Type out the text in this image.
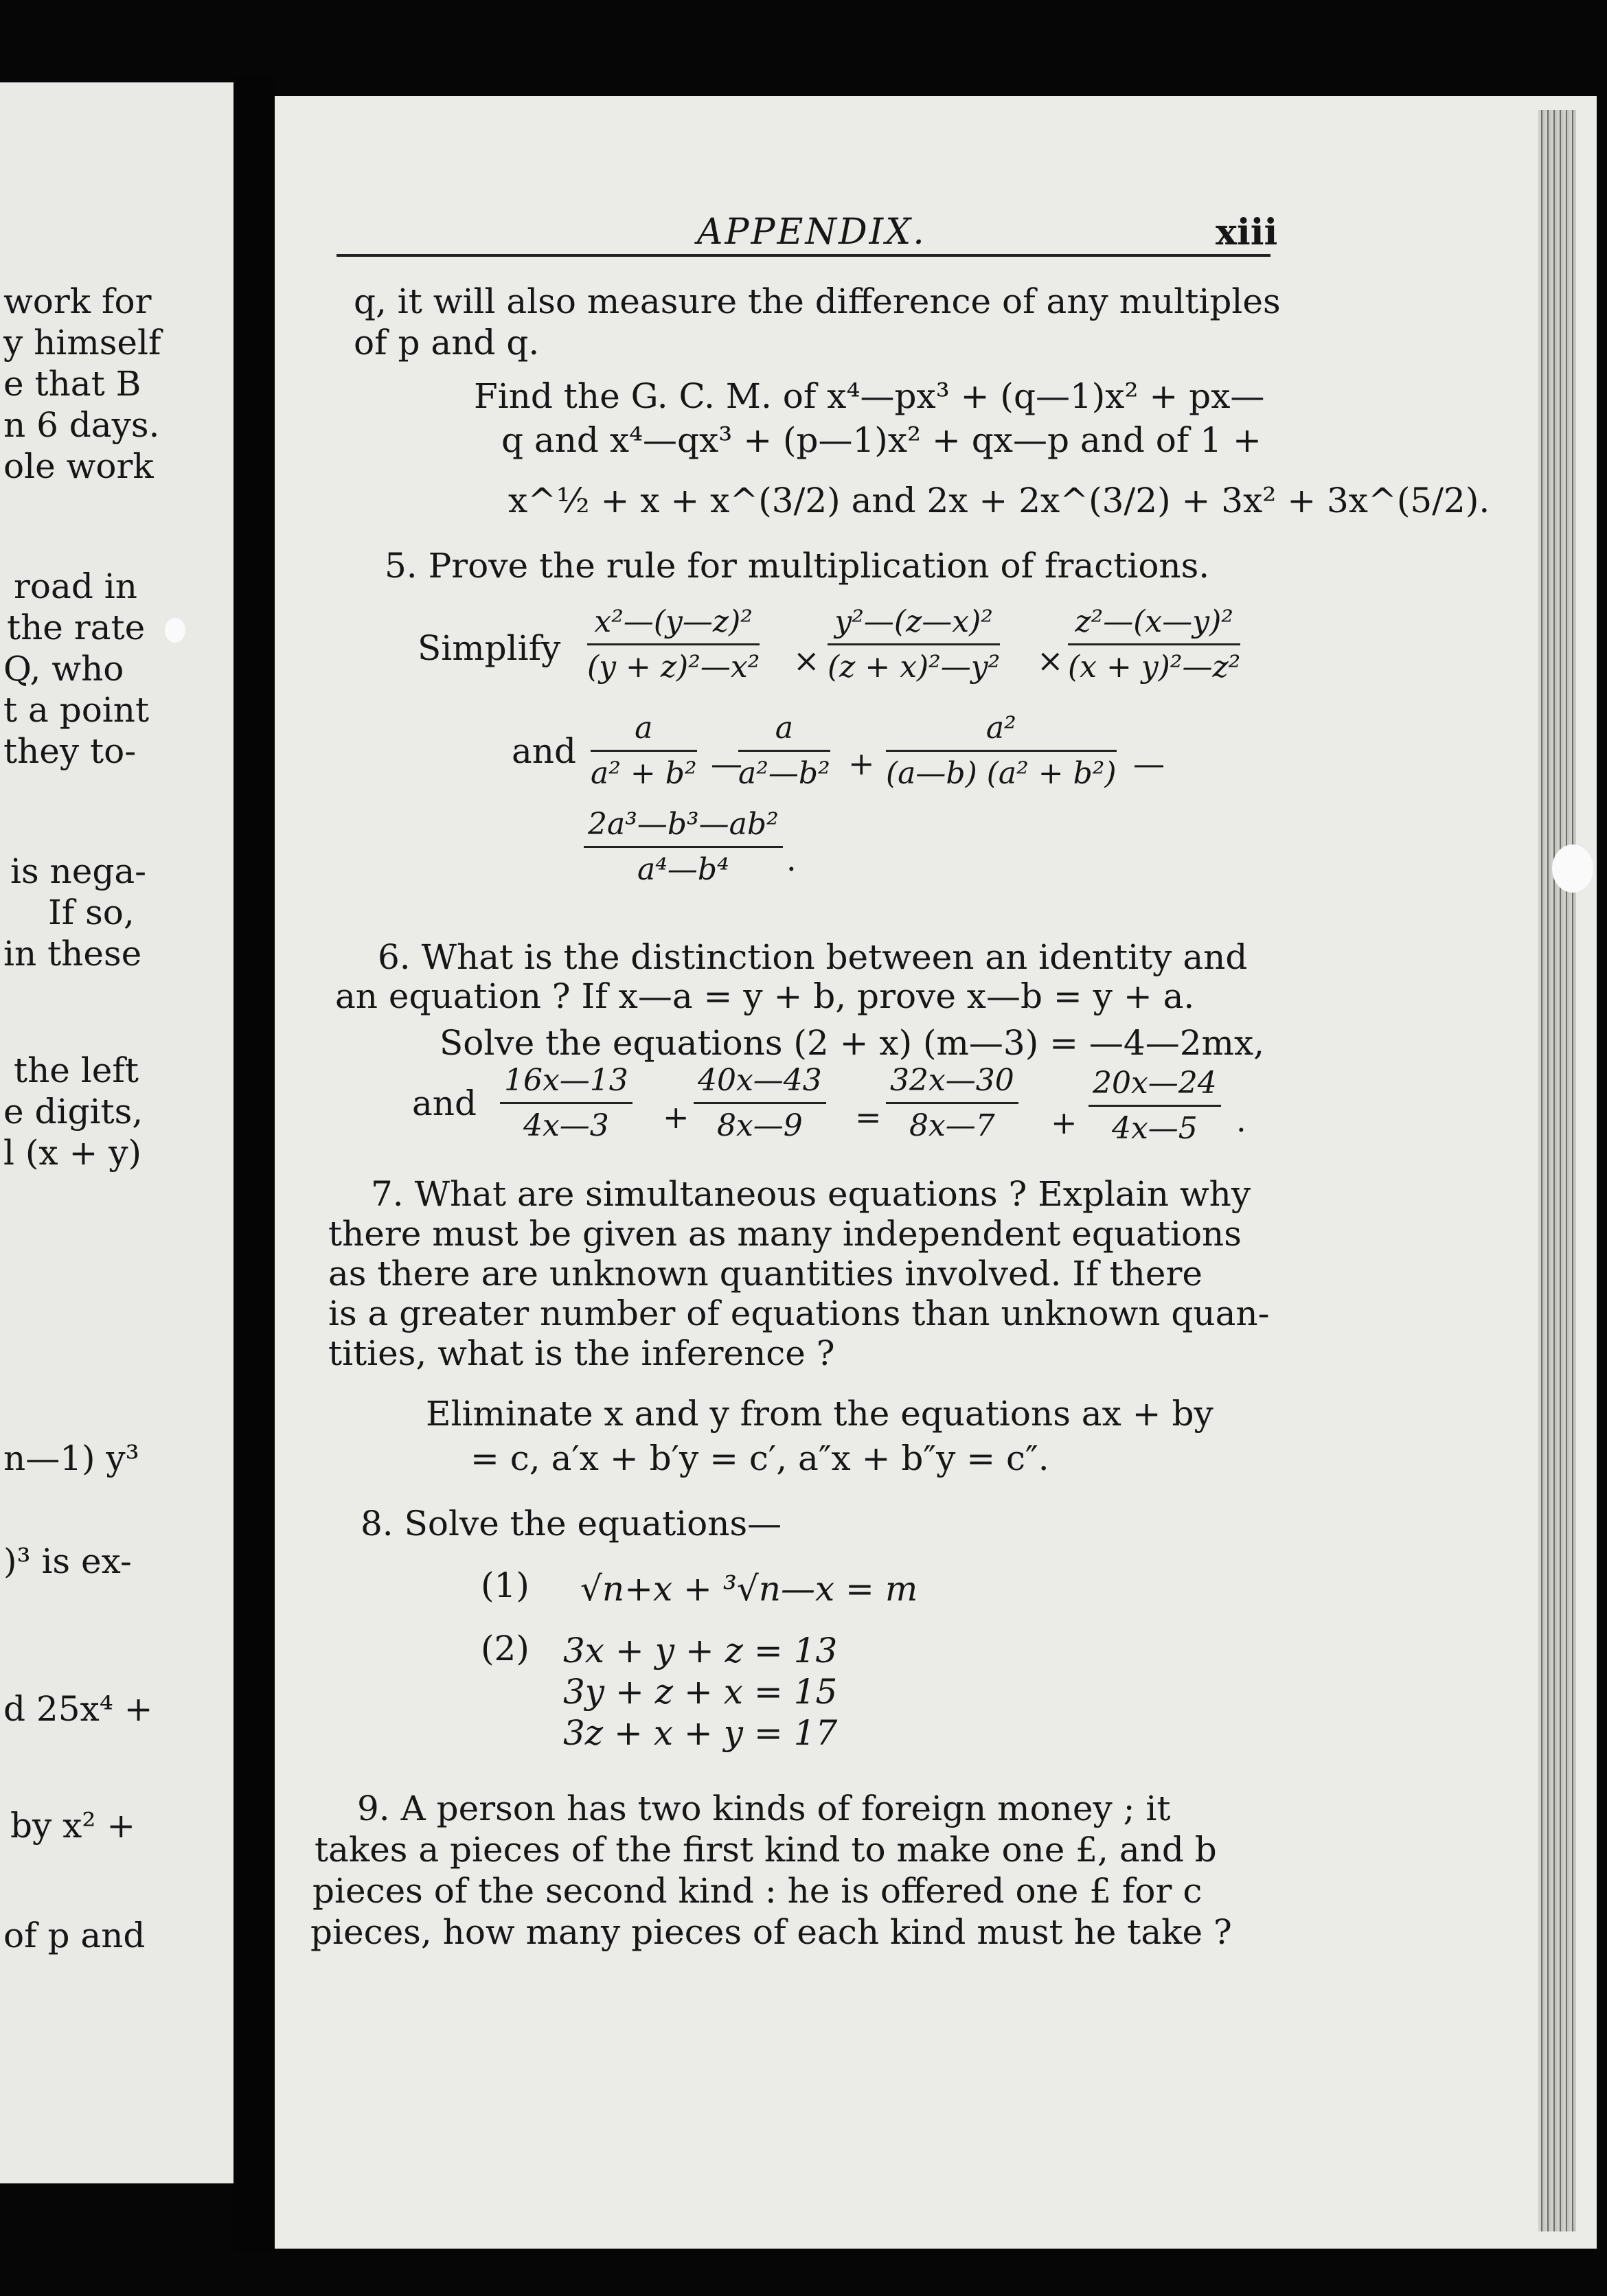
work for
y himself
e that B
n 6 days.
ole work
road in
the rate
Q, who
t a point
they to-
is nega-
If so,
in these
the left
e digits,
l (x + y)
n—1) y³
)³ is ex-
d 25x⁴ +
by x² +
of p and
APPENDIX.	xiii
q, it will also measure the difference of any multiples
of p and q.
Find the G. C. M. of x⁴—px³ + (q—1)x² + px—
q and x⁴—qx³ + (p—1)x² + qx—p and of 1 +
x^½ + x + x^(3/2) and 2x + 2x^(3/2) + 3x² + 3x^(5/2).
5. Prove the rule for multiplication of fractions.
Simplify $\frac{\text{x²—(y—z)²}}{\text{(y + z)²—x²}} \times \frac{\text{y²—(z—x)²}}{\text{(z + x)²—y²}} \times \frac{\text{z²—(x—y)²}}{\text{(x + y)²—z²}}$
and $\frac{a}{\text{a² + b²}}$ —
$\frac{a}{\text{a²—b²}} + \frac{\text{a²}}{\text{(a—b) (a² + b²)}}$ —
$\frac{\text{2a³—b³—ab²}}{\text{a⁴—b⁴}}$ .
6. What is the distinction between an identity and
an equation ? If x—a = y + b, prove x—b = y + a.
Solve the equations (2 + x) (m—3) = —4—2mx,
and $\frac{16x—13}{4x—3} + \frac{40x—43}{8x—9} = \frac{32x—30}{8x—7} + \frac{20x—24}{4x—5}$ .
7. What are simultaneous equations ? Explain why
there must be given as many independent equations
as there are unknown quantities involved. If there
is a greater number of equations than unknown quan-
tities, what is the inference ?
Eliminate x and y from the equations ax + by
= c, a′x + b′y = c′, a″x + b″y = c″.
8. Solve the equations—
(1) √n+x + ³√n—x = m
(2) 3x + y + z = 13
3y + z + x = 15
3z + x + y = 17
9. A person has two kinds of foreign money ; it
takes a pieces of the first kind to make one £, and b
pieces of the second kind : he is offered one £ for c
pieces, how many pieces of each kind must he take ?
